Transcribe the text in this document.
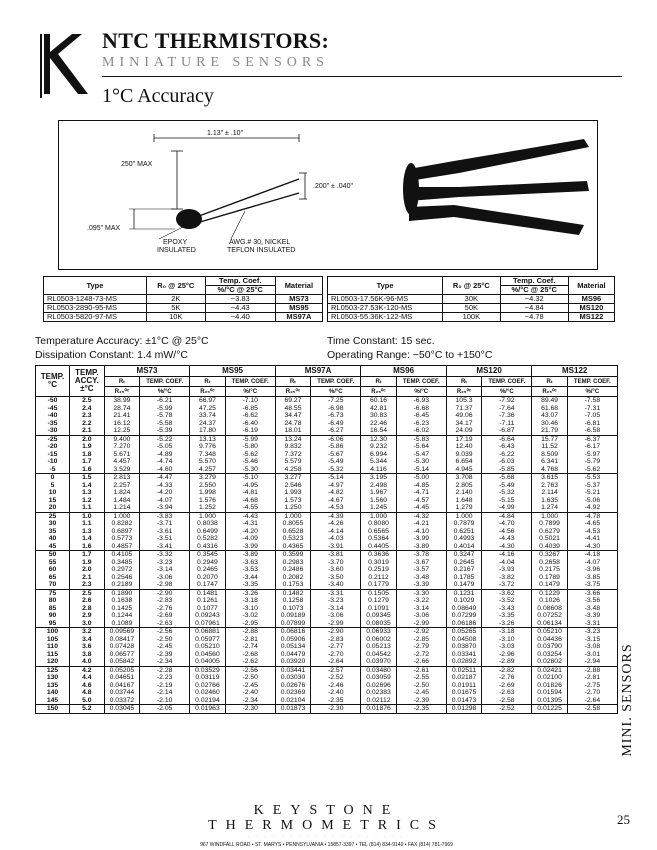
NTC THERMISTORS:
MINIATURE SENSORS
1°C Accuracy
1.13" ± .10"
250" MAX
.200" ± .040"
.095" MAX
EPOXY
INSULATED
AWG.# 30, NICKEL
TEFLON INSULATED
Type	R₀ @ 25°C	Temp. Coef.	Material
		%/°C @ 25°C	
RL0503-1248-73-MS	2K	−3.83	MS73
RL0503-2890-95-MS	5K	−4.43	MS95
RL0503-5820-97-MS	10K	−4.40	MS97A
Type	R₀ @ 25°C	Temp. Coef.	Material
		%/°C @ 25°C	
RL0503-17.56K-96-MS	30K	−4.32	MS96
RL0503-27.53K-120-MS	50K	−4.84	MS120
RL0503-55.36K-122-MS	100K	−4.78	MS122
Temperature Accuracy: ±1°C @ 25°C
Dissipation Constant: 1.4 mW/°C
Time Constant: 15 sec.
Operating Range: −50°C to +150°C
TEMP.
°C	TEMP.
ACCY.
±°C	MS73		MS95		MS97A		MS96		MS120		MS122	
		Rₜ	TEMP. COEF.	Rₜ	TEMP. COEF.	Rₜ	TEMP. COEF.	Rₜ	TEMP. COEF.	Rₜ	TEMP. COEF.	Rₜ	TEMP. COEF.
		R₂₅⁰ᶜ	%/°C	R₂₅⁰ᶜ	%/°C	R₂₅⁰ᶜ	%/°C	R₂₅⁰ᶜ	%/°C	R₂₅⁰ᶜ	%/°C	R₂₅⁰ᶜ	%/°C
-50	2.5	38.99	-6.21	66.97	-7.10	69.27	-7.25	60.16	-6.93	105.3	-7.92	89.49	-7.58
-45	2.4	28.74	-5.99	47.25	-6.85	48.55	-6.98	42.81	-6.68	71.37	-7.64	61.68	-7.31
-40	2.3	21.41	-5.78	33.74	-6.62	34.47	-6.73	30.83	-6.45	49.06	-7.36	43.07	-7.05
-35	2.2	16.12	-5.58	24.37	-6.40	24.78	-6.49	22.46	-6.23	34.17	-7.11	30.46	-6.81
-30	2.1	12.25	-5.39	17.80	-6.19	18.01	-6.27	16.54	-6.02	24.09	-6.87	21.79	-6.58
-25	2.0	9.400	-5.22	13.13	-5.99	13.24	-6.06	12.30	-5.83	17.19	-6.64	15.77	-6.37
-20	1.9	7.270	-5.05	9.776	-5.80	9.832	-5.86	9.232	-5.64	12.40	-6.43	11.52	-6.17
-15	1.8	5.671	-4.89	7.348	-5.62	7.372	-5.67	6.994	-5.47	9.039	-6.22	8.509	-5.97
-10	1.7	4.457	-4.74	5.570	-5.46	5.579	-5.49	5.344	-5.30	6.654	-6.03	6.341	-5.79
-5	1.6	3.529	-4.60	4.257	-5.30	4.258	-5.32	4.116	-5.14	4.945	-5.85	4.768	-5.62
0	1.5	2.813	-4.47	3.279	-5.10	3.277	-5.14	3.195	-5.00	3.708	-5.68	3.615	-5.53
5	1.4	2.257	-4.33	2.550	-4.95	2.546	-4.97	2.498	-4.85	2.805	-5.49	2.763	-5.37
10	1.3	1.824	-4.20	1.998	-4.81	1.993	-4.82	1.967	-4.71	2.140	-5.32	2.114	-5.21
15	1.2	1.484	-4.07	1.576	-4.68	1.573	-4.67	1.560	-4.57	1.648	-5.15	1.635	-5.06
20	1.1	1.214	-3.94	1.252	-4.55	1.250	-4.53	1.245	-4.45	1.279	-4.99	1.274	-4.92
25	1.0	1.000	-3.83	1.000	-4.43	1.000	-4.39	1.000	-4.32	1.000	-4.84	1.000	-4.78
30	1.1	0.8282	-3.71	0.8038	-4.31	0.8055	-4.26	0.8080	-4.21	0.7879	-4.70	0.7899	-4.65
35	1.3	0.6897	-3.61	0.6499	-4.20	0.6528	-4.14	0.6565	-4.10	0.6251	-4.56	0.6279	-4.53
40	1.4	0.5773	-3.51	0.5282	-4.09	0.5323	-4.03	0.5364	-3.99	0.4993	-4.43	0.5021	-4.41
45	1.6	0.4857	-3.41	0.4316	-3.99	0.4365	-3.91	0.4405	-3.89	0.4014	-4.30	0.4039	-4.30
50	1.7	0.4105	-3.32	0.3545	-3.89	0.3599	-3.81	0.3636	-3.78	0.3247	-4.16	0.3267	-4.18
55	1.9	0.3485	-3.23	0.2949	-3.63	0.2983	-3.70	0.3019	-3.67	0.2645	-4.04	0.2658	-4.07
60	2.0	0.2972	-3.14	0.2465	-3.53	0.2486	-3.60	0.2519	-3.57	0.2167	-3.93	0.2175	-3.96
65	2.1	0.2546	-3.06	0.2070	-3.44	0.2082	-3.50	0.2112	-3.48	0.1785	-3.82	0.1789	-3.85
70	2.3	0.2189	-2.98	0.1747	-3.35	0.1753	-3.40	0.1779	-3.39	0.1479	-3.72	0.1479	-3.75
75	2.5	0.1890	-2.90	0.1481	-3.26	0.1482	-3.31	0.1505	-3.30	0.1231	-3.62	0.1229	-3.66
80	2.6	0.1638	-2.83	0.1261	-3.18	0.1258	-3.23	0.1279	-3.22	0.1029	-3.52	0.1026	-3.56
85	2.8	0.1425	-2.76	0.1077	-3.10	0.1073	-3.14	0.1091	-3.14	0.08649	-3.43	0.08608	-3.48
90	2.9	0.1244	-2.69	0.09243	-3.02	0.09189	-3.06	0.09345	-3.06	0.07299	-3.35	0.07252	-3.39
95	3.0	0.1089	-2.63	0.07961	-2.95	0.07899	-2.99	0.08035	-2.99	0.06186	-3.26	0.06134	-3.31
100	3.2	0.09569	-2.56	0.06881	-2.88	0.06816	-2.90	0.06933	-2.92	0.05265	-3.18	0.05210	-3.23
105	3.4	0.08417	-2.50	0.05977	-2.81	0.05906	-2.83	0.06002	-2.85	0.04508	-3.10	0.04436	-3.15
110	3.6	0.07428	-2.45	0.05210	-2.74	0.05134	-2.77	0.05213	-2.79	0.03870	-3.03	0.03790	-3.08
115	3.8	0.06577	-2.39	0.04560	-2.68	0.04479	-2.70	0.04542	-2.72	0.03341	-2.96	0.03254	-3.01
120	4.0	0.05842	-2.34	0.04005	-2.62	0.03920	-2.64	0.03970	-2.66	0.02892	-2.89	0.02802	-2.94
125	4.2	0.05205	-2.28	0.03529	-2.56	0.03441	-2.57	0.03480	-2.61	0.02511	-2.82	0.02421	-2.88
130	4.4	0.04651	-2.23	0.03119	-2.50	0.03030	-2.52	0.03059	-2.55	0.02187	-2.76	0.02100	-2.81
135	4.6	0.04167	-2.19	0.02766	-2.45	0.02676	-2.46	0.02696	-2.50	0.01911	-2.69	0.01826	-2.75
140	4.8	0.03744	-2.14	0.02460	-2.40	0.02369	-2.40	0.02383	-2.45	0.01675	-2.63	0.01594	-2.70
145	5.0	0.03372	-2.10	0.02194	-2.34	0.02104	-2.35	0.02112	-2.39	0.01473	-2.58	0.01395	-2.64
150	5.2	0.03045	-2.05	0.01963	-2.30	0.01873	-2.30	0.01876	-2.35	0.01298	-2.52	0.01225	-2.58
KEYSTONE
THERMOMETRICS
. . . . . . . . . . . . . . . . . . .
967 WINDFALL ROAD • ST. MARYS • PENNSYLVANIA • 15857-3397 • TEL (814) 834-9140 • FAX (814) 781-7969
MINI. SENSORS
25
